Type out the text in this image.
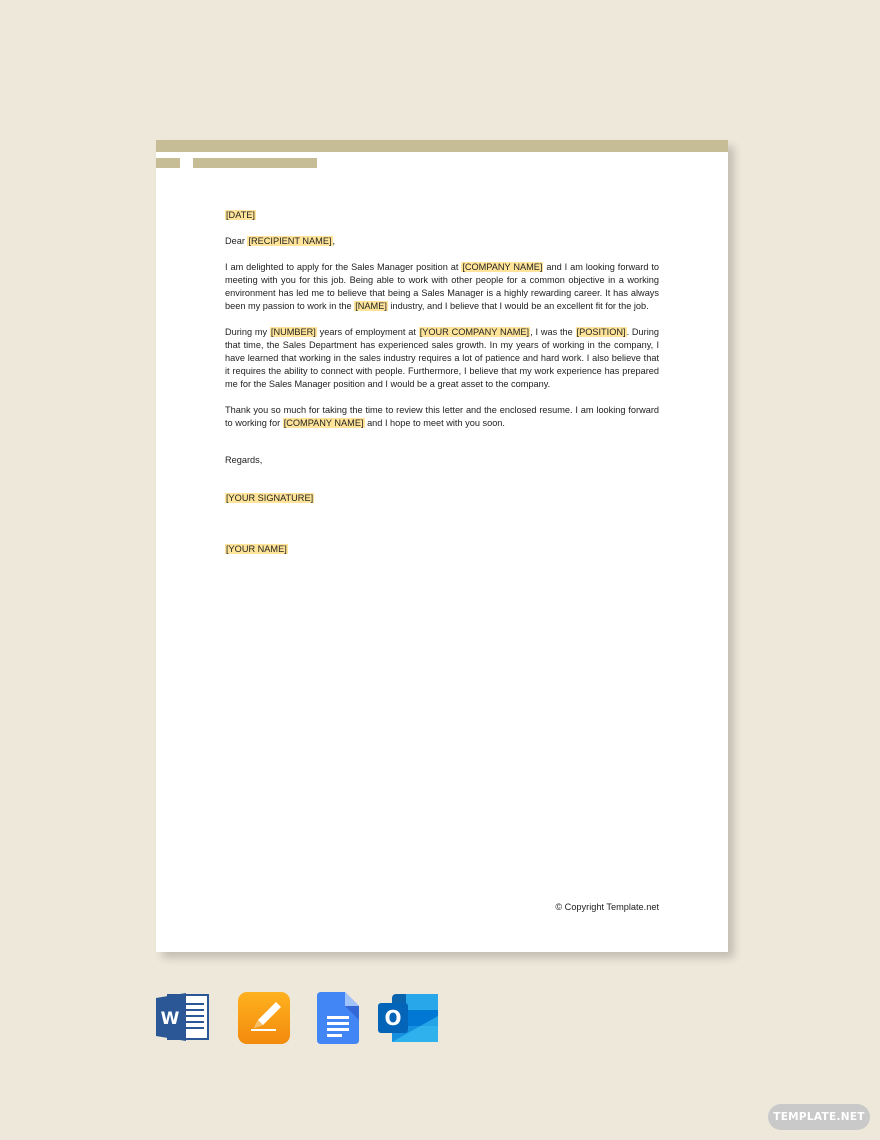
[DATE]

Dear [RECIPIENT NAME],

I am delighted to apply for the Sales Manager position at [COMPANY NAME] and I am looking forward to meeting with you for this job. Being able to work with other people for a common objective in a working environment has led me to believe that being a Sales Manager is a highly rewarding career. It has always been my passion to work in the [NAME] industry, and I believe that I would be an excellent fit for the job.

During my [NUMBER] years of employment at [YOUR COMPANY NAME], I was the [POSITION]. During that time, the Sales Department has experienced sales growth. In my years of working in the company, I have learned that working in the sales industry requires a lot of patience and hard work. I also believe that it requires the ability to connect with people. Furthermore, I believe that my work experience has prepared me for the Sales Manager position and I would be a great asset to the company.

Thank you so much for taking the time to review this letter and the enclosed resume. I am looking forward to working for [COMPANY NAME] and I hope to meet with you soon.

Regards,

[YOUR SIGNATURE]

[YOUR NAME]

© Copyright Template.net
W	O
TEMPLATE.NET
